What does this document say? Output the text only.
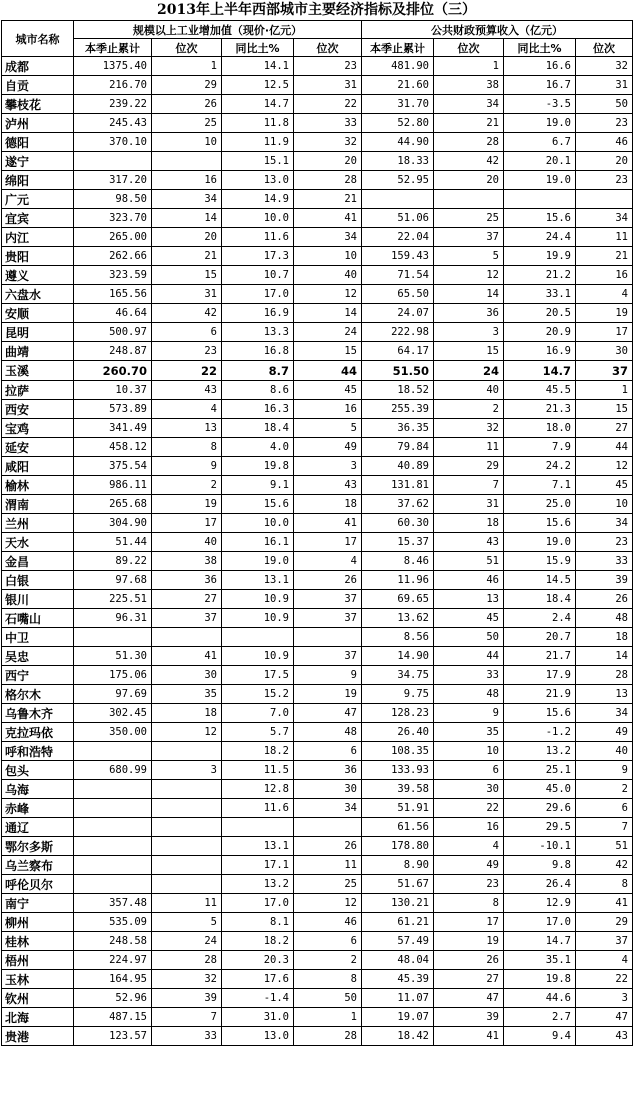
2013年上半年西部城市主要经济指标及排位（三）
城市名称	规模以上工业增加值（现价·亿元）				公共财政预算收入（亿元）			
	本季止累计	位次	同比土%	位次	本季止累计	位次	同比土%	位次
成都	1375.40	1	14.1	23	481.90	1	16.6	32
自贡	216.70	29	12.5	31	21.60	38	16.7	31
攀枝花	239.22	26	14.7	22	31.70	34	-3.5	50
泸州	245.43	25	11.8	33	52.80	21	19.0	23
德阳	370.10	10	11.9	32	44.90	28	6.7	46
遂宁			15.1	20	18.33	42	20.1	20
绵阳	317.20	16	13.0	28	52.95	20	19.0	23
广元	98.50	34	14.9	21				
宜宾	323.70	14	10.0	41	51.06	25	15.6	34
内江	265.00	20	11.6	34	22.04	37	24.4	11
贵阳	262.66	21	17.3	10	159.43	5	19.9	21
遵义	323.59	15	10.7	40	71.54	12	21.2	16
六盘水	165.56	31	17.0	12	65.50	14	33.1	4
安顺	46.64	42	16.9	14	24.07	36	20.5	19
昆明	500.97	6	13.3	24	222.98	3	20.9	17
曲靖	248.87	23	16.8	15	64.17	15	16.9	30
玉溪	260.70	22	8.7	44	51.50	24	14.7	37
拉萨	10.37	43	8.6	45	18.52	40	45.5	1
西安	573.89	4	16.3	16	255.39	2	21.3	15
宝鸡	341.49	13	18.4	5	36.35	32	18.0	27
延安	458.12	8	4.0	49	79.84	11	7.9	44
咸阳	375.54	9	19.8	3	40.89	29	24.2	12
榆林	986.11	2	9.1	43	131.81	7	7.1	45
渭南	265.68	19	15.6	18	37.62	31	25.0	10
兰州	304.90	17	10.0	41	60.30	18	15.6	34
天水	51.44	40	16.1	17	15.37	43	19.0	23
金昌	89.22	38	19.0	4	8.46	51	15.9	33
白银	97.68	36	13.1	26	11.96	46	14.5	39
银川	225.51	27	10.9	37	69.65	13	18.4	26
石嘴山	96.31	37	10.9	37	13.62	45	2.4	48
中卫					8.56	50	20.7	18
吴忠	51.30	41	10.9	37	14.90	44	21.7	14
西宁	175.06	30	17.5	9	34.75	33	17.9	28
格尔木	97.69	35	15.2	19	9.75	48	21.9	13
乌鲁木齐	302.45	18	7.0	47	128.23	9	15.6	34
克拉玛依	350.00	12	5.7	48	26.40	35	-1.2	49
呼和浩特			18.2	6	108.35	10	13.2	40
包头	680.99	3	11.5	36	133.93	6	25.1	9
乌海			12.8	30	39.58	30	45.0	2
赤峰			11.6	34	51.91	22	29.6	6
通辽					61.56	16	29.5	7
鄂尔多斯			13.1	26	178.80	4	-10.1	51
乌兰察布			17.1	11	8.90	49	9.8	42
呼伦贝尔			13.2	25	51.67	23	26.4	8
南宁	357.48	11	17.0	12	130.21	8	12.9	41
柳州	535.09	5	8.1	46	61.21	17	17.0	29
桂林	248.58	24	18.2	6	57.49	19	14.7	37
梧州	224.97	28	20.3	2	48.04	26	35.1	4
玉林	164.95	32	17.6	8	45.39	27	19.8	22
钦州	52.96	39	-1.4	50	11.07	47	44.6	3
北海	487.15	7	31.0	1	19.07	39	2.7	47
贵港	123.57	33	13.0	28	18.42	41	9.4	43
